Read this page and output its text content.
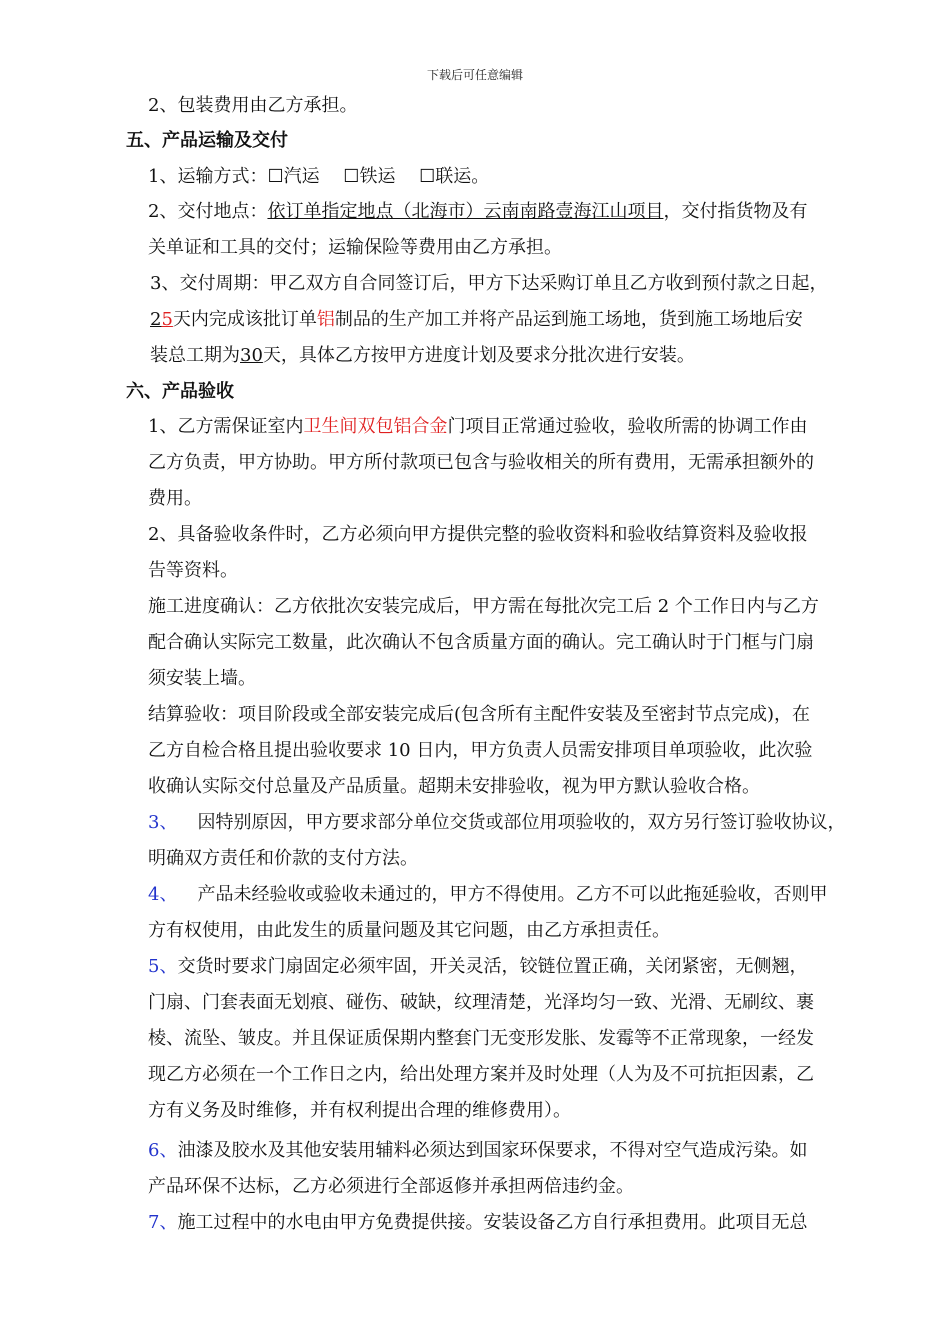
下载后可任意编辑
2、包装费用由乙方承担。
五、产品运输及交付
1、运输方式：☐汽运 　☐铁运 　☐联运。
2、交付地点：依订单指定地点（北海市）云南南路壹海江山项目，交付指货物及有
关单证和工具的交付；运输保险等费用由乙方承担。
3、交付周期：甲乙双方自合同签订后，甲方下达采购订单且乙方收到预付款之日起，
25天内完成该批订单铝制品的生产加工并将产品运到施工场地，货到施工场地后安
装总工期为30天，具体乙方按甲方进度计划及要求分批次进行安装。
六、产品验收
1、乙方需保证室内卫生间双包铝合金门项目正常通过验收，验收所需的协调工作由
乙方负责，甲方协助。甲方所付款项已包含与验收相关的所有费用，无需承担额外的
费用。
2、具备验收条件时，乙方必须向甲方提供完整的验收资料和验收结算资料及验收报
告等资料。
施工进度确认：乙方依批次安装完成后，甲方需在每批次完工后 2 个工作日内与乙方
配合确认实际完工数量，此次确认不包含质量方面的确认。完工确认时于门框与门扇
须安装上墙。
结算验收：项目阶段或全部安装完成后(包含所有主配件安装及至密封节点完成)，在
乙方自检合格且提出验收要求 10 日内，甲方负责人员需安排项目单项验收，此次验
收确认实际交付总量及产品质量。超期未安排验收，视为甲方默认验收合格。
3、 因特别原因，甲方要求部分单位交货或部位用项验收的，双方另行签订验收协议，
明确双方责任和价款的支付方法。
4、 产品未经验收或验收未通过的，甲方不得使用。乙方不可以此拖延验收，否则甲
方有权使用，由此发生的质量问题及其它问题，由乙方承担责任。
5、交货时要求门扇固定必须牢固，开关灵活，铰链位置正确，关闭紧密，无侧翘，
门扇、门套表面无划痕、碰伤、破缺，纹理清楚，光泽均匀一致、光滑、无刷纹、裹
棱、流坠、皱皮。并且保证质保期内整套门无变形发胀、发霉等不正常现象，一经发
现乙方必须在一个工作日之内，给出处理方案并及时处理（人为及不可抗拒因素，乙
方有义务及时维修，并有权利提出合理的维修费用）。
6、油漆及胶水及其他安装用辅料必须达到国家环保要求，不得对空气造成污染。如
产品环保不达标，乙方必须进行全部返修并承担两倍违约金。
7、施工过程中的水电由甲方免费提供接。安装设备乙方自行承担费用。此项目无总
